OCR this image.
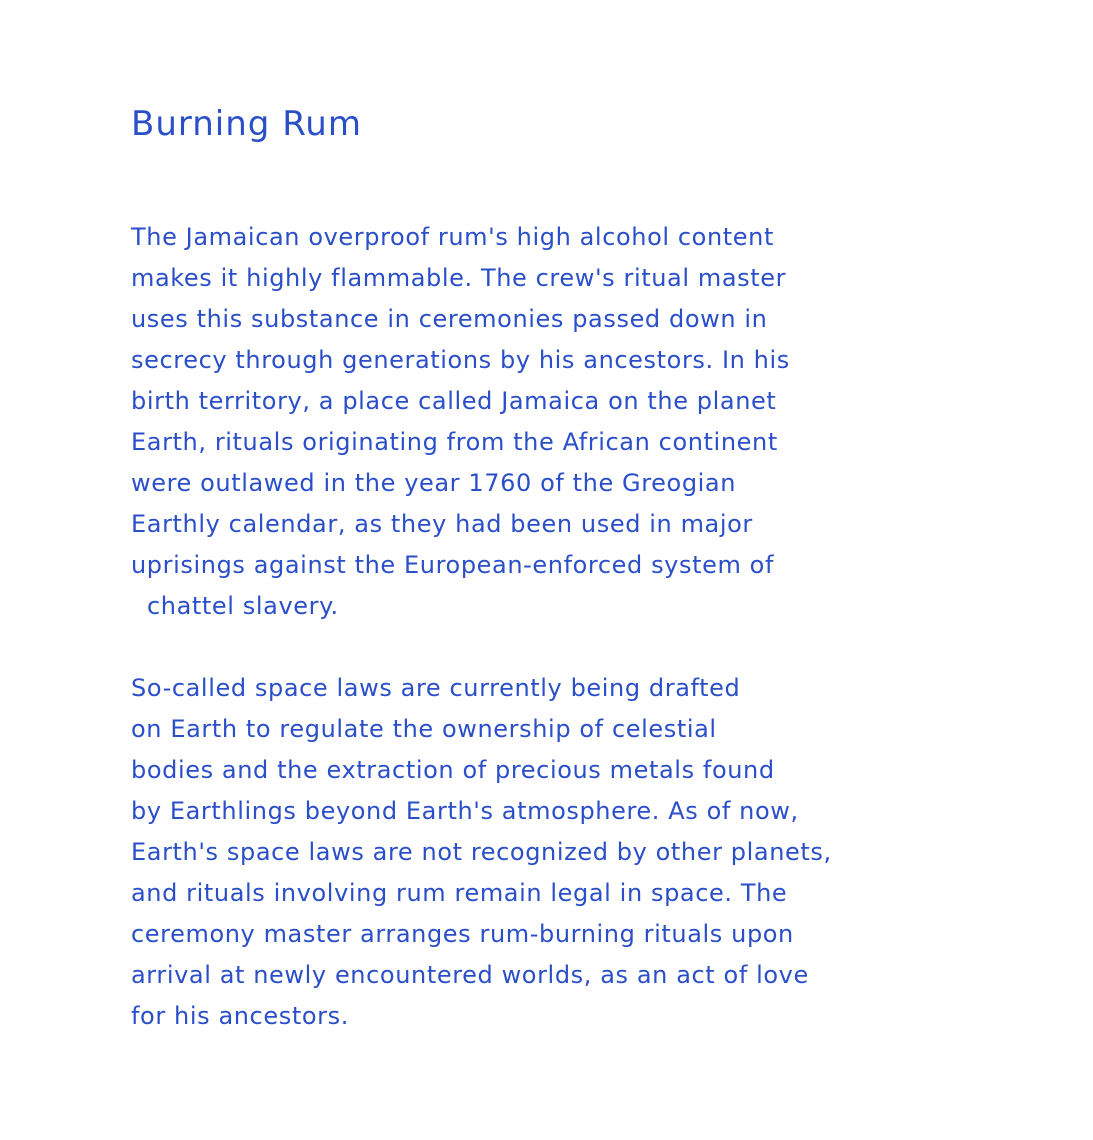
Burning Rum

The Jamaican overproof rum's high alcohol content
makes it highly flammable. The crew's ritual master
uses this substance in ceremonies passed down in
secrecy through generations by his ancestors. In his
birth territory, a place called Jamaica on the planet
Earth, rituals originating from the African continent
were outlawed in the year 1760 of the Greogian
Earthly calendar, as they had been used in major
uprisings against the European-enforced system of
chattel slavery.

So-called space laws are currently being drafted
on Earth to regulate the ownership of celestial
bodies and the extraction of precious metals found
by Earthlings beyond Earth's atmosphere. As of now,
Earth's space laws are not recognized by other planets,
and rituals involving rum remain legal in space. The
ceremony master arranges rum-burning rituals upon
arrival at newly encountered worlds, as an act of love
for his ancestors.
